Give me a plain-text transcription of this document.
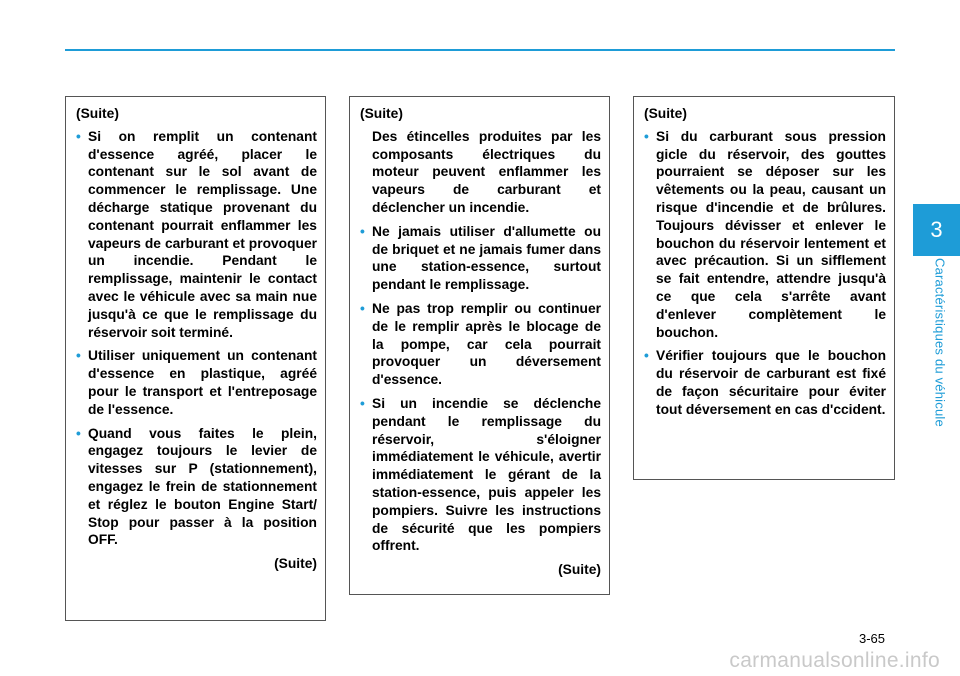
3
Caractéristiques du véhicule

(Suite)

• Si on remplit un contenant d'essence agréé, placer le contenant sur le sol avant de commencer le remplissage. Une décharge statique provenant du contenant pourrait enflammer les vapeurs de carburant et provoquer un incendie. Pendant le remplissage, maintenir le contact avec le véhicule avec sa main nue jusqu'à ce que le remplissage du réservoir soit terminé.
• Utiliser uniquement un contenant d'essence en plastique, agréé pour le transport et l'entreposage de l'essence.
• Quand vous faites le plein, engagez toujours le levier de vitesses sur P (stationnement), engagez le frein de stationnement et réglez le bouton Engine Start/ Stop pour passer à la position OFF.

(Suite)

(Suite)

Des étincelles produites par les composants électriques du moteur peuvent enflammer les vapeurs de carburant et déclencher un incendie.

• Ne jamais utiliser d'allumette ou de briquet et ne jamais fumer dans une station-essence, surtout pendant le remplissage.
• Ne pas trop remplir ou continuer de le remplir après le blocage de la pompe, car cela pourrait provoquer un déversement d'essence.
• Si un incendie se déclenche pendant le remplissage du réservoir, s'éloigner immédiatement le véhicule, avertir immédiatement le gérant de la station-essence, puis appeler les pompiers. Suivre les instructions de sécurité que les pompiers offrent.

(Suite)

(Suite)

• Si du carburant sous pression gicle du réservoir, des gouttes pourraient se déposer sur les vêtements ou la peau, causant un risque d'incendie et de brûlures. Toujours dévisser et enlever le bouchon du réservoir lentement et avec précaution. Si un sifflement se fait entendre, attendre jusqu'à ce que cela s'arrête avant d'enlever complètement le bouchon.
• Vérifier toujours que le bouchon du réservoir de carburant est fixé de façon sécuritaire pour éviter tout déversement en cas d'ccident.
3-65
carmanualsonline.info
